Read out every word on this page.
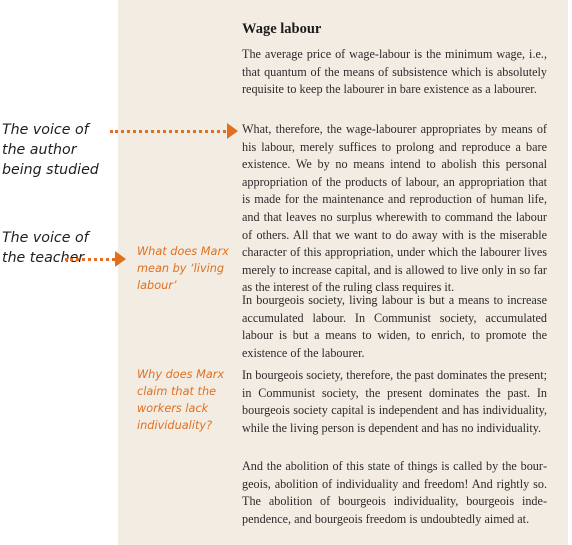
Wage labour
The average price of wage-labour is the minimum wage, i.e., that quantum of the means of subsistence which is absolutely requisite to keep the labourer in bare existence as a labourer.
What, therefore, the wage-labourer appropriates by means of his labour, merely suffices to prolong and reproduce a bare existence. We by no means intend to abolish this personal appropriation of the products of labour, an appropriation that is made for the maintenance and reproduction of human life, and that leaves no surplus wherewith to command the labour of others. All that we want to do away with is the miserable character of this appropriation, under which the labourer lives merely to increase capital, and is allowed to live only in so far as the interest of the ruling class requires it.
In bourgeois society, living labour is but a means to increase accumulated labour. In Communist society, accumulated labour is but a means to widen, to enrich, to promote the existence of the labourer.
In bourgeois society, therefore, the past dominates the present; in Communist society, the present dominates the past. In bourgeois society capital is independent and has individuality, while the living person is dependent and has no individuality.
And the abolition of this state of things is called by the bourgeois, abolition of individuality and freedom! And rightly so. The abolition of bourgeois individuality, bourgeois independence, and bourgeois freedom is undoubtedly aimed at.
The voice of the author being studied
The voice of the teacher	What does Marx mean by ‘living labour’
Why does Marx claim that the workers lack individuality?
